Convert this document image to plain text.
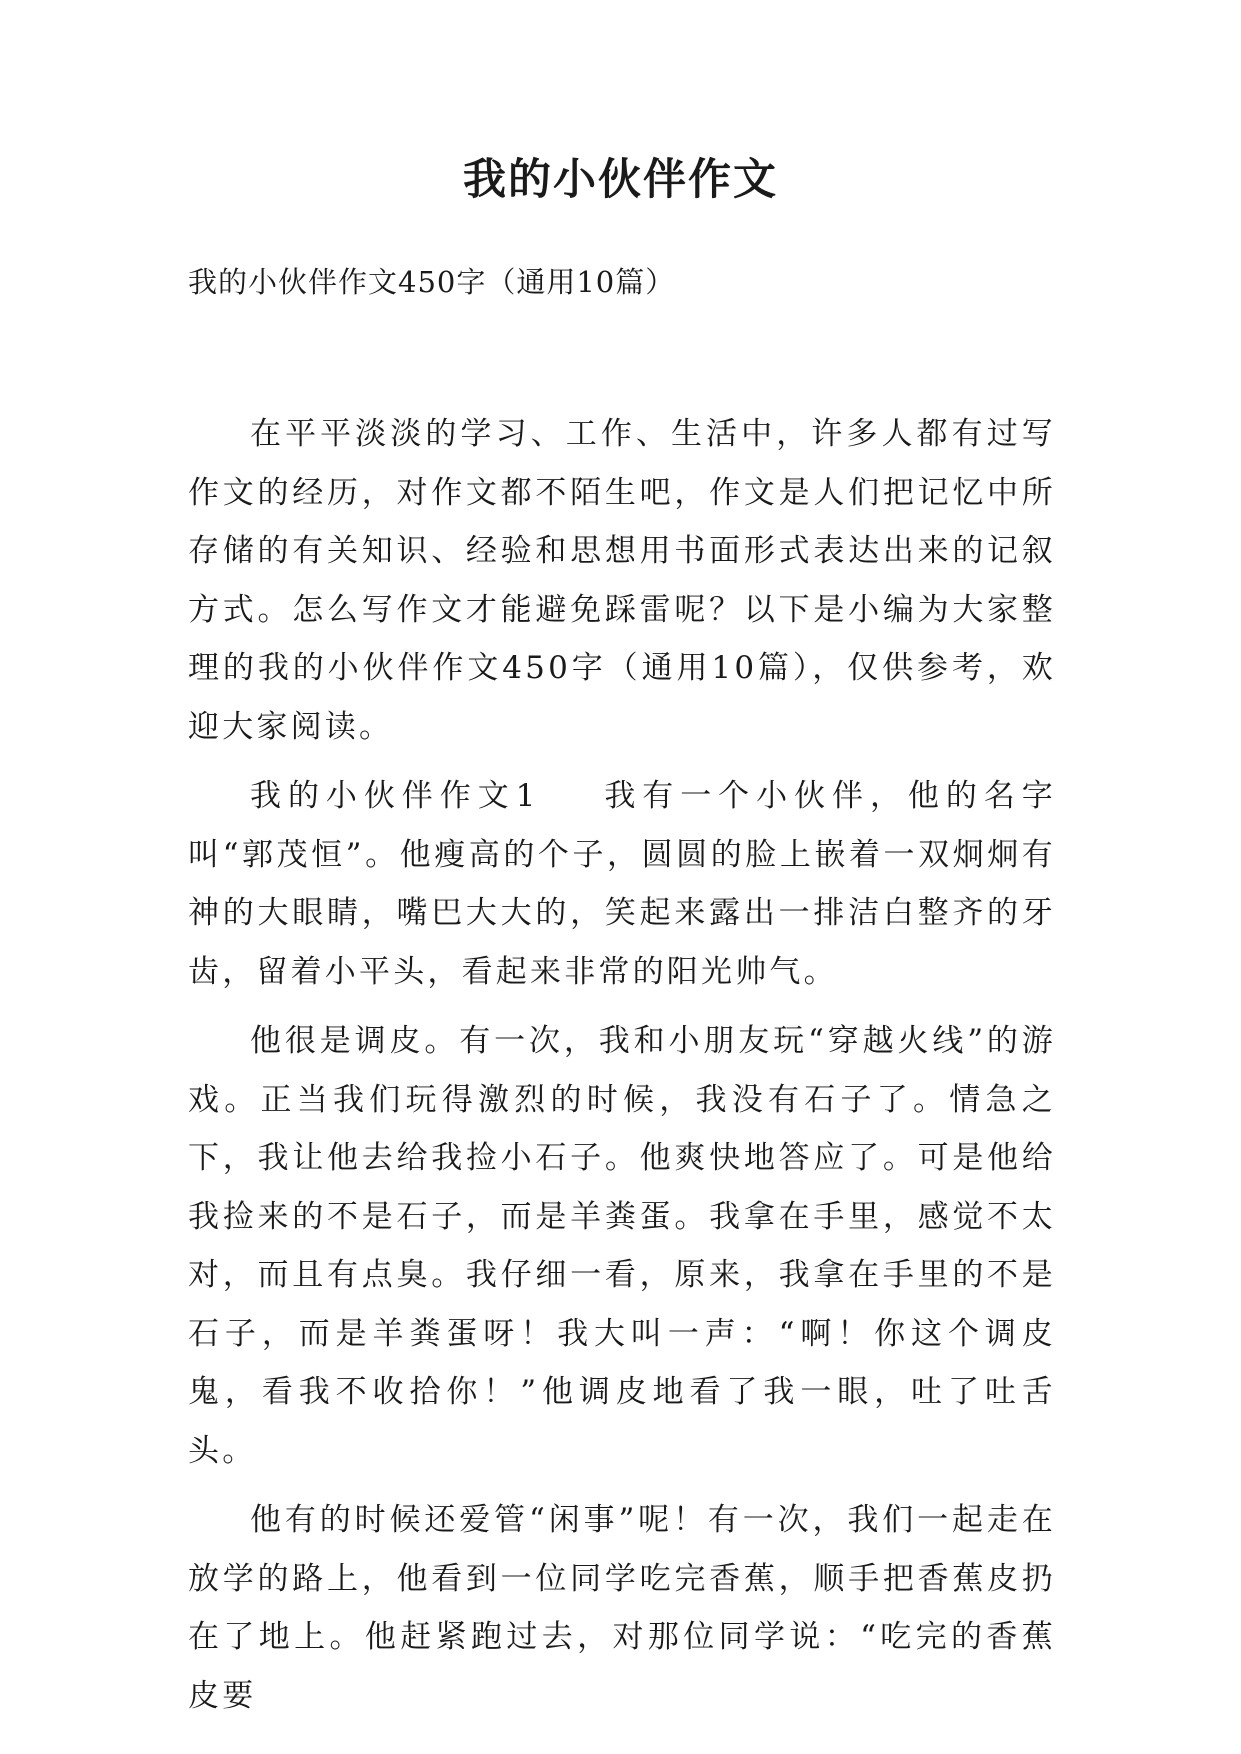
我的小伙伴作文
我的小伙伴作文450字（通用10篇）

在平平淡淡的学习、工作、生活中，许多人都有过写作文的经历，对作文都不陌生吧，作文是人们把记忆中所存储的有关知识、经验和思想用书面形式表达出来的记叙方式。怎么写作文才能避免踩雷呢？以下是小编为大家整理的我的小伙伴作文450字（通用10篇），仅供参考，欢迎大家阅读。

我的小伙伴作文1 我有一个小伙伴，他的名字叫“郭茂恒”。他瘦高的个子，圆圆的脸上嵌着一双炯炯有神的大眼睛，嘴巴大大的，笑起来露出一排洁白整齐的牙齿，留着小平头，看起来非常的阳光帅气。

他很是调皮。有一次，我和小朋友玩“穿越火线”的游戏。正当我们玩得激烈的时候，我没有石子了。情急之下，我让他去给我捡小石子。他爽快地答应了。可是他给我捡来的不是石子，而是羊粪蛋。我拿在手里，感觉不太对，而且有点臭。我仔细一看，原来，我拿在手里的不是石子，而是羊粪蛋呀！我大叫一声：“啊！你这个调皮鬼，看我不收拾你！”他调皮地看了我一眼，吐了吐舌头。

他有的时候还爱管“闲事”呢！有一次，我们一起走在放学的路上，他看到一位同学吃完香蕉，顺手把香蕉皮扔在了地上。他赶紧跑过去，对那位同学说：“吃完的香蕉皮要
